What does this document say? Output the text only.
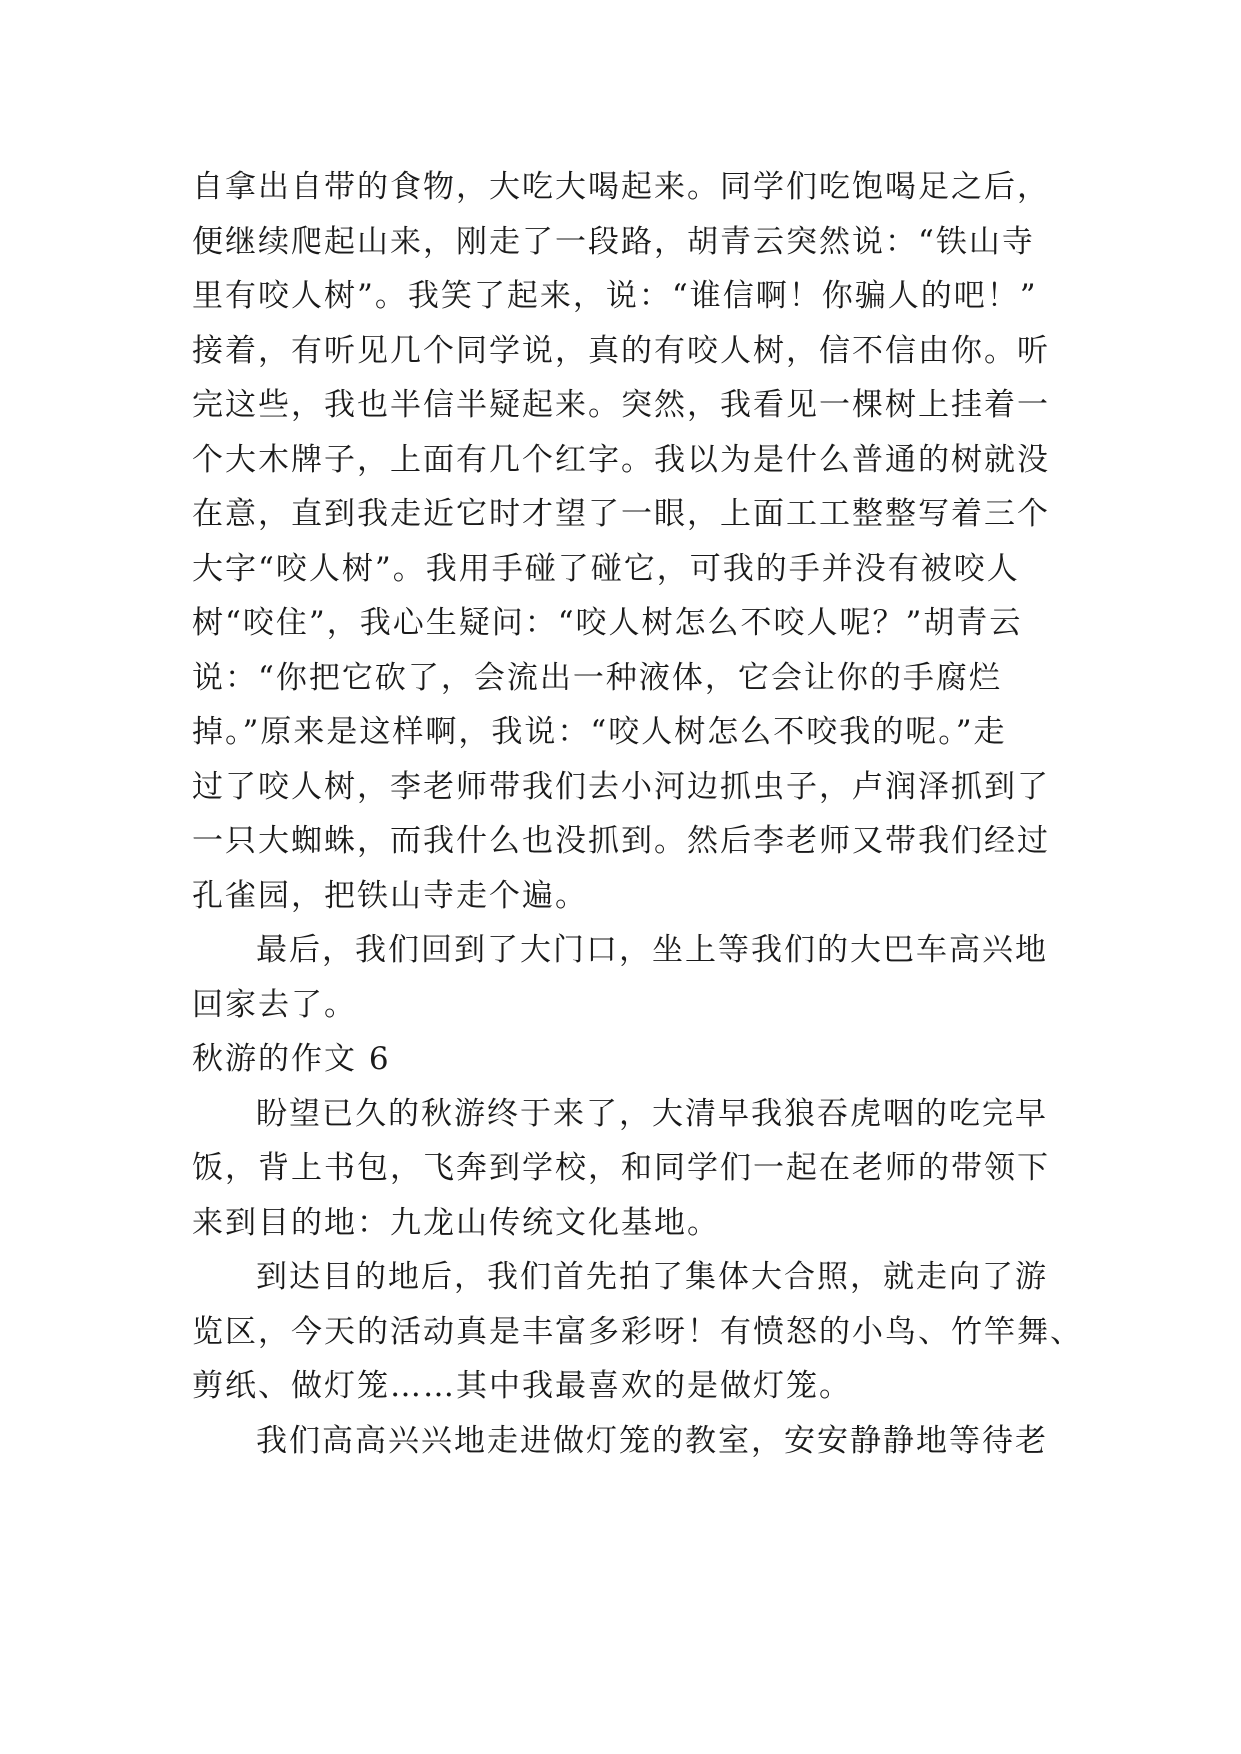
自拿出自带的食物，大吃大喝起来。同学们吃饱喝足之后，
便继续爬起山来，刚走了一段路，胡青云突然说：“铁山寺
里有咬人树”。我笑了起来，说：“谁信啊！你骗人的吧！”
接着，有听见几个同学说，真的有咬人树，信不信由你。听
完这些，我也半信半疑起来。突然，我看见一棵树上挂着一
个大木牌子，上面有几个红字。我以为是什么普通的树就没
在意，直到我走近它时才望了一眼，上面工工整整写着三个
大字“咬人树”。我用手碰了碰它，可我的手并没有被咬人
树“咬住”，我心生疑问：“咬人树怎么不咬人呢？”胡青云
说：“你把它砍了，会流出一种液体，它会让你的手腐烂
掉。”原来是这样啊，我说：“咬人树怎么不咬我的呢。”走
过了咬人树，李老师带我们去小河边抓虫子，卢润泽抓到了
一只大蜘蛛，而我什么也没抓到。然后李老师又带我们经过
孔雀园，把铁山寺走个遍。
最后，我们回到了大门口，坐上等我们的大巴车高兴地
回家去了。
秋游的作文 6
盼望已久的秋游终于来了，大清早我狼吞虎咽的吃完早
饭，背上书包，飞奔到学校，和同学们一起在老师的带领下
来到目的地：九龙山传统文化基地。
到达目的地后，我们首先拍了集体大合照，就走向了游
览区，今天的活动真是丰富多彩呀！有愤怒的小鸟、竹竿舞、
剪纸、做灯笼……其中我最喜欢的是做灯笼。
我们高高兴兴地走进做灯笼的教室，安安静静地等待老
